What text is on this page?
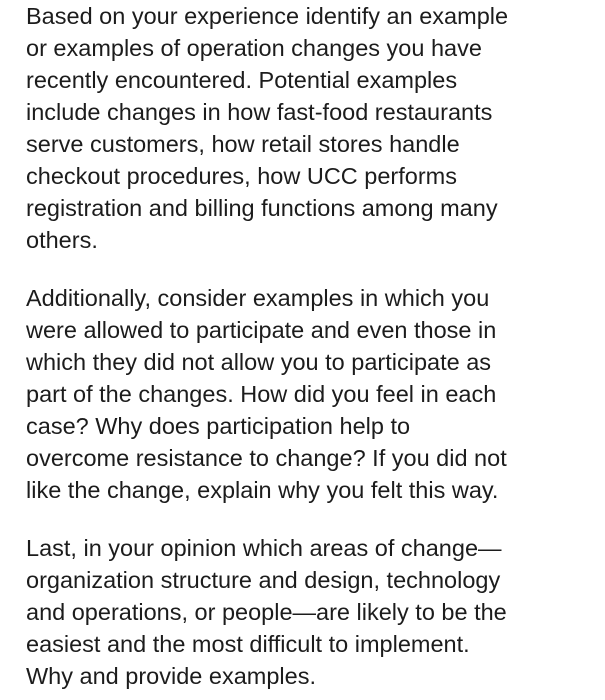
Based on your experience identify an example
or examples of operation changes you have
recently encountered. Potential examples
include changes in how fast-food restaurants
serve customers, how retail stores handle
checkout procedures, how UCC performs
registration and billing functions among many
others.
Additionally, consider examples in which you
were allowed to participate and even those in
which they did not allow you to participate as
part of the changes. How did you feel in each
case? Why does participation help to
overcome resistance to change? If you did not
like the change, explain why you felt this way.
Last, in your opinion which areas of change—
organization structure and design, technology
and operations, or people—are likely to be the
easiest and the most difficult to implement.
Why and provide examples.
